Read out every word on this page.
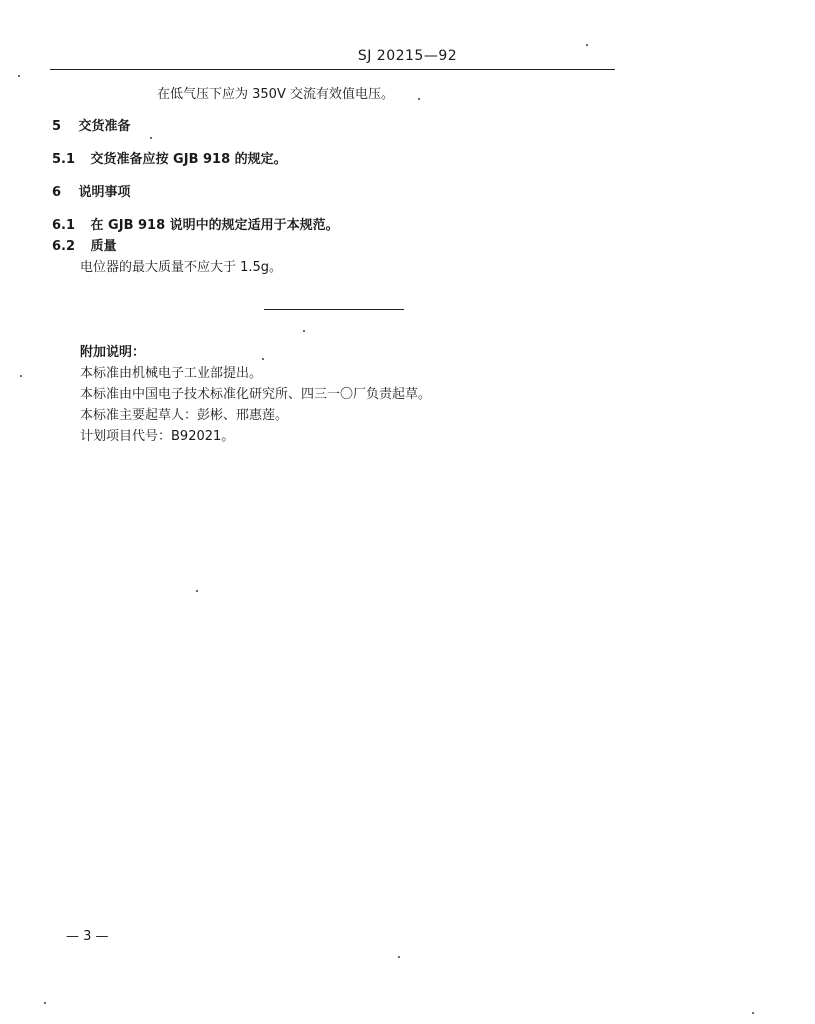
SJ 20215—92
在低气压下应为 350V 交流有效值电压。
5 交货准备
5.1 交货准备应按 GJB 918 的规定。
6 说明事项
6.1 在 GJB 918 说明中的规定适用于本规范。
6.2 质量
电位器的最大质量不应大于 1.5g。
附加说明：
本标准由机械电子工业部提出。
本标准由中国电子技术标准化研究所、四三一〇厂负责起草。
本标准主要起草人：彭彬、邢惠莲。
计划项目代号：B92021。
— 3 —
